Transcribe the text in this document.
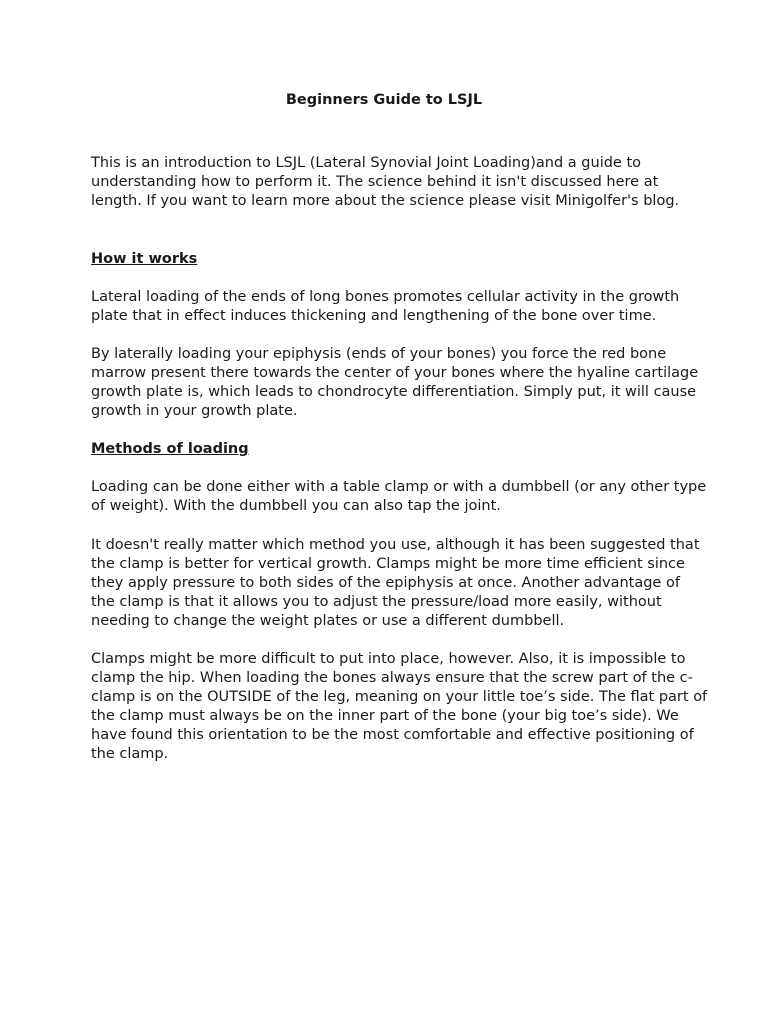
Beginners Guide to LSJL

This is an introduction to LSJL (Lateral Synovial Joint Loading)and a guide to
understanding how to perform it. The science behind it isn't discussed here at
length. If you want to learn more about the science please visit Minigolfer's blog.

How it works

Lateral loading of the ends of long bones promotes cellular activity in the growth
plate that in effect induces thickening and lengthening of the bone over time.

By laterally loading your epiphysis (ends of your bones) you force the red bone
marrow present there towards the center of your bones where the hyaline cartilage
growth plate is, which leads to chondrocyte differentiation. Simply put, it will cause
growth in your growth plate.

Methods of loading

Loading can be done either with a table clamp or with a dumbbell (or any other type
of weight). With the dumbbell you can also tap the joint.

It doesn't really matter which method you use, although it has been suggested that
the clamp is better for vertical growth. Clamps might be more time efficient since
they apply pressure to both sides of the epiphysis at once. Another advantage of
the clamp is that it allows you to adjust the pressure/load more easily, without
needing to change the weight plates or use a different dumbbell.

Clamps might be more difficult to put into place, however. Also, it is impossible to
clamp the hip. When loading the bones always ensure that the screw part of the c-
clamp is on the OUTSIDE of the leg, meaning on your little toe’s side. The flat part of
the clamp must always be on the inner part of the bone (your big toe’s side). We
have found this orientation to be the most comfortable and effective positioning of
the clamp.
